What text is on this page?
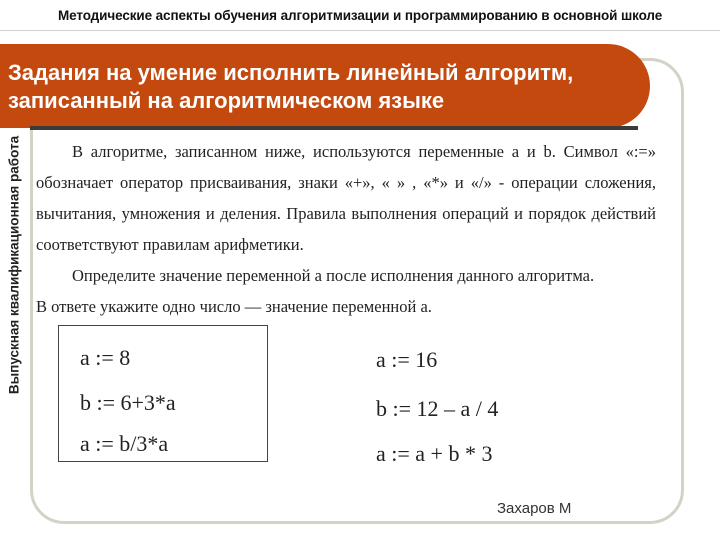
Методические аспекты обучения алгоритмизации и программированию в основной школе
Выпускная квалификационная работа
Задания на умение исполнить линейный алгоритм,
записанный на алгоритмическом языке

В алгоритме, записанном ниже, используются переменные a и b. Символ «:=» обозначает оператор присваивания, знаки «+», « » , «*» и «/» - операции сложения, вычитания, умножения и деления. Правила выполнения операций и порядок действий соответствуют правилам арифметики.

Определите значение переменной a после исполнения данного алгоритма.

В ответе укажите одно число — значение переменной a.

a := 8
b := 6+3*a
a := b/3*a
a := 16
b := 12 – a / 4
a := a + b * 3
Захаров М
